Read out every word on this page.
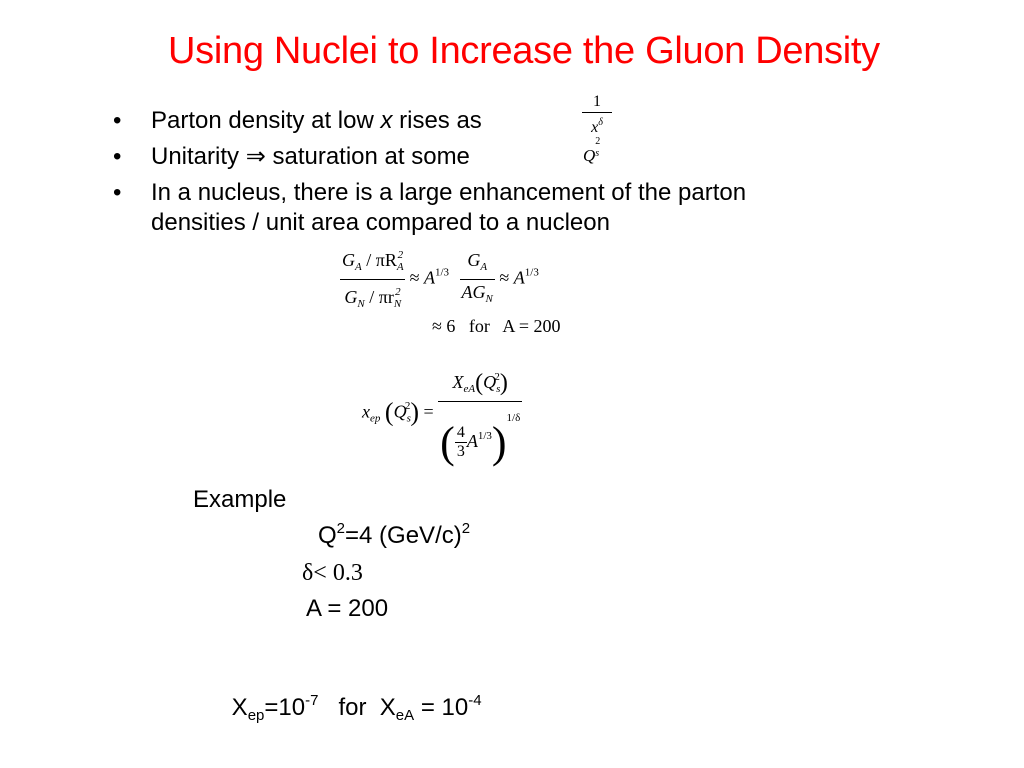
Using Nuclei to Increase the Gluon Density
• Parton density at low x rises as
1
$x^\delta$
• Unitarity ⇒ saturation at some	Q
2
s

• In a nucleus, there is a large enhancement of the parton
densities / unit area compared to a nucleon
$\frac{G_A / \pi R_A^2}{G_N / \pi r_N^2} \approx A^{1/3} \frac{G_A}{AG_N} \approx A^{1/3}$
≈ 6   for   A = 200
$x_{ep}$ $(Q_s^2) = \frac{X_{eA}(Q_s^2)}{( \frac{4}{3} A^{1/3})^{1/\delta}}$
Example
$Q^2=4$ $(GeV/c)^2$
δ< 0.3
A = 200

$X_{ep}=10^{-7}$   for  $X_{eA} = 10^{-4}$
